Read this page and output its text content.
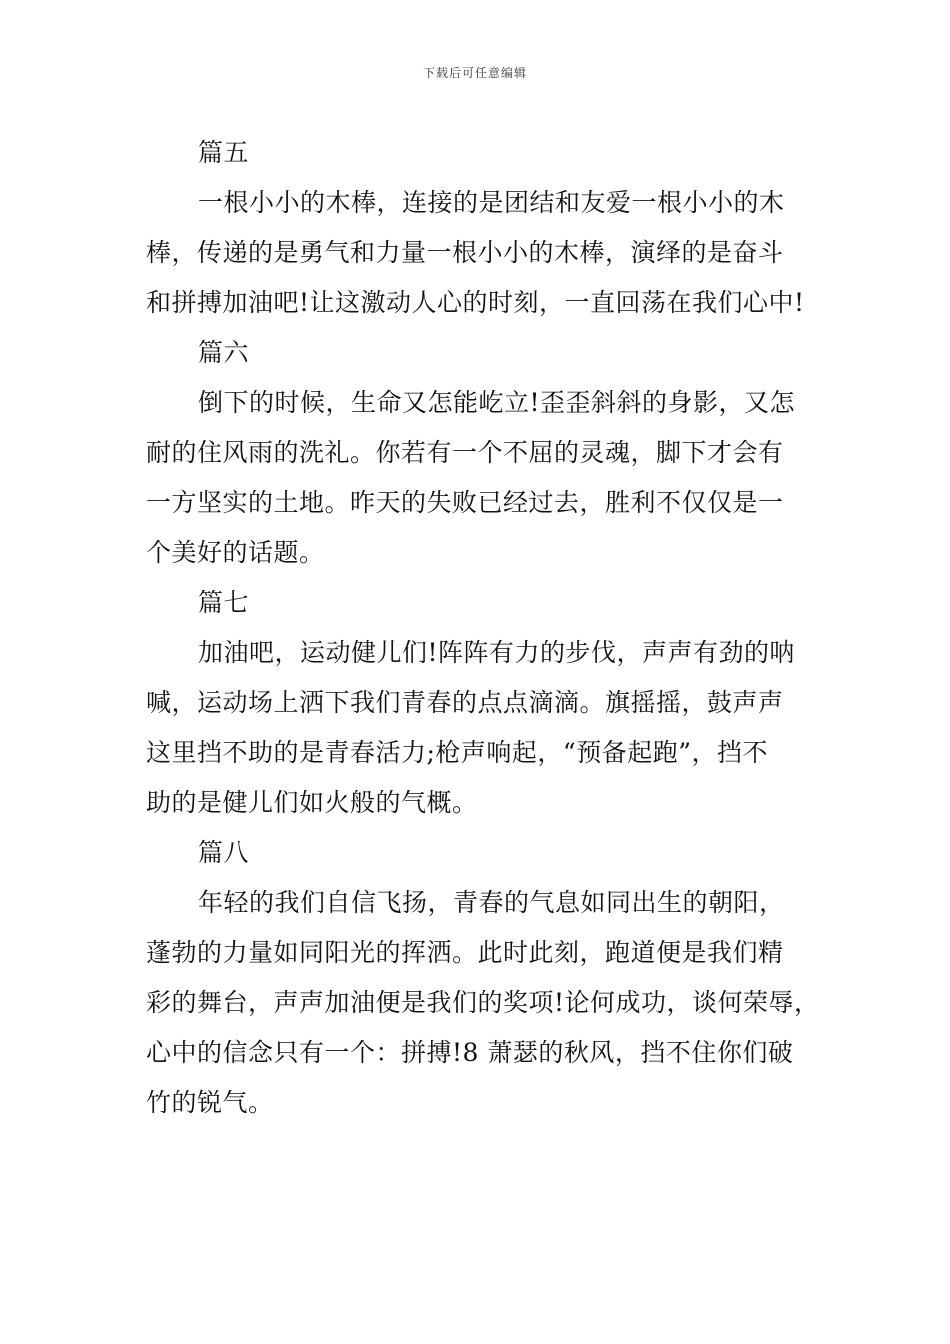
下载后可任意编辑
篇五
一根小小的木棒，连接的是团结和友爱一根小小的木
棒，传递的是勇气和力量一根小小的木棒，演绎的是奋斗
和拼搏加油吧!让这激动人心的时刻，一直回荡在我们心中!
篇六
倒下的时候，生命又怎能屹立!歪歪斜斜的身影，又怎
耐的住风雨的洗礼。你若有一个不屈的灵魂，脚下才会有
一方坚实的土地。昨天的失败已经过去，胜利不仅仅是一
个美好的话题。
篇七
加油吧，运动健儿们!阵阵有力的步伐，声声有劲的呐
喊，运动场上洒下我们青春的点点滴滴。旗摇摇，鼓声声
这里挡不助的是青春活力;枪声响起，“预备起跑”，挡不
助的是健儿们如火般的气概。
篇八
年轻的我们自信飞扬，青春的气息如同出生的朝阳，
蓬勃的力量如同阳光的挥洒。此时此刻，跑道便是我们精
彩的舞台，声声加油便是我们的奖项!论何成功，谈何荣辱，
心中的信念只有一个：拼搏!8 萧瑟的秋风，挡不住你们破
竹的锐气。
